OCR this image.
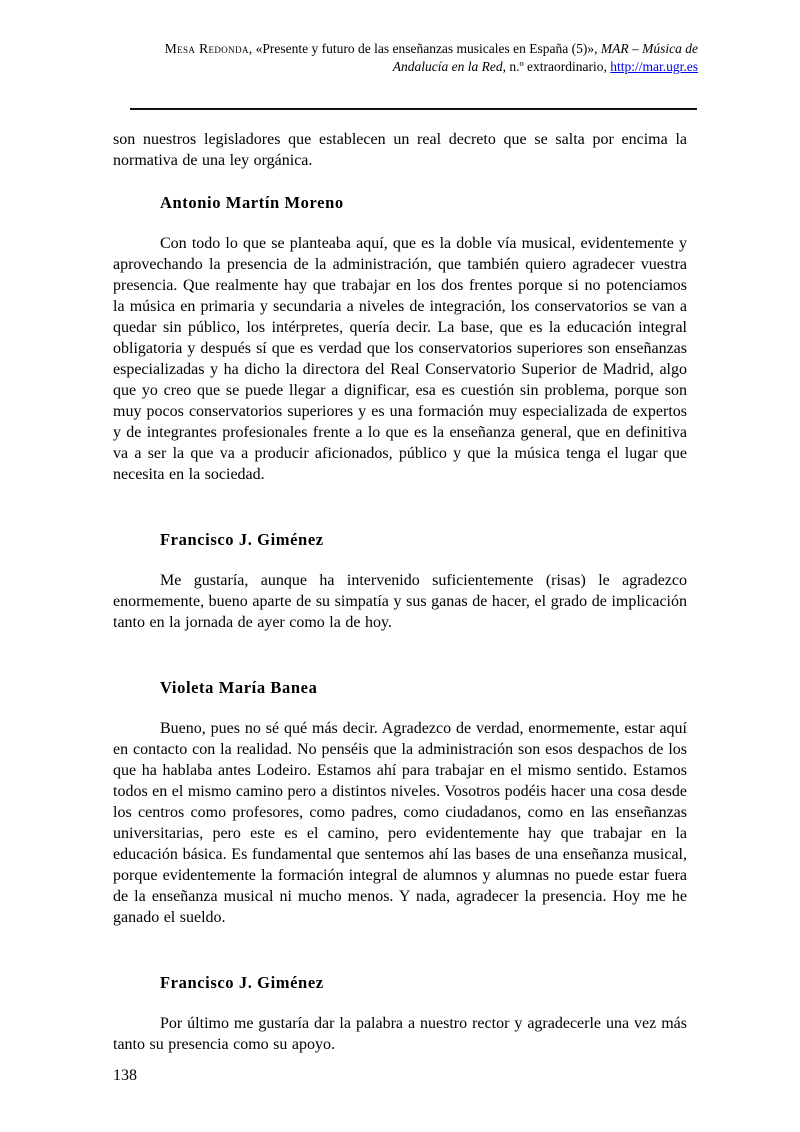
Mesa Redonda, «Presente y futuro de las enseñanzas musicales en España (5)», MAR – Música de Andalucía en la Red, n.º extraordinario, http://mar.ugr.es

son nuestros legisladores que establecen un real decreto que se salta por encima la normativa de una ley orgánica.

Antonio Martín Moreno

Con todo lo que se planteaba aquí, que es la doble vía musical, evidentemente y aprovechando la presencia de la administración, que también quiero agradecer vuestra presencia. Que realmente hay que trabajar en los dos frentes porque si no potenciamos la música en primaria y secundaria a niveles de integración, los conservatorios se van a quedar sin público, los intérpretes, quería decir. La base, que es la educación integral obligatoria y después sí que es verdad que los conservatorios superiores son enseñanzas especializadas y ha dicho la directora del Real Conservatorio Superior de Madrid, algo que yo creo que se puede llegar a dignificar, esa es cuestión sin problema, porque son muy pocos conservatorios superiores y es una formación muy especializada de expertos y de integrantes profesionales frente a lo que es la enseñanza general, que en definitiva va a ser la que va a producir aficionados, público y que la música tenga el lugar que necesita en la sociedad.

Francisco J. Giménez

Me gustaría, aunque ha intervenido suficientemente (risas) le agradezco enormemente, bueno aparte de su simpatía y sus ganas de hacer, el grado de implicación tanto en la jornada de ayer como la de hoy.

Violeta María Banea

Bueno, pues no sé qué más decir. Agradezco de verdad, enormemente, estar aquí en contacto con la realidad. No penséis que la administración son esos despachos de los que ha hablaba antes Lodeiro. Estamos ahí para trabajar en el mismo sentido. Estamos todos en el mismo camino pero a distintos niveles. Vosotros podéis hacer una cosa desde los centros como profesores, como padres, como ciudadanos, como en las enseñanzas universitarias, pero este es el camino, pero evidentemente hay que trabajar en la educación básica. Es fundamental que sentemos ahí las bases de una enseñanza musical, porque evidentemente la formación integral de alumnos y alumnas no puede estar fuera de la enseñanza musical ni mucho menos. Y nada, agradecer la presencia. Hoy me he ganado el sueldo.

Francisco J. Giménez

Por último me gustaría dar la palabra a nuestro rector y agradecerle una vez más tanto su presencia como su apoyo.

138
